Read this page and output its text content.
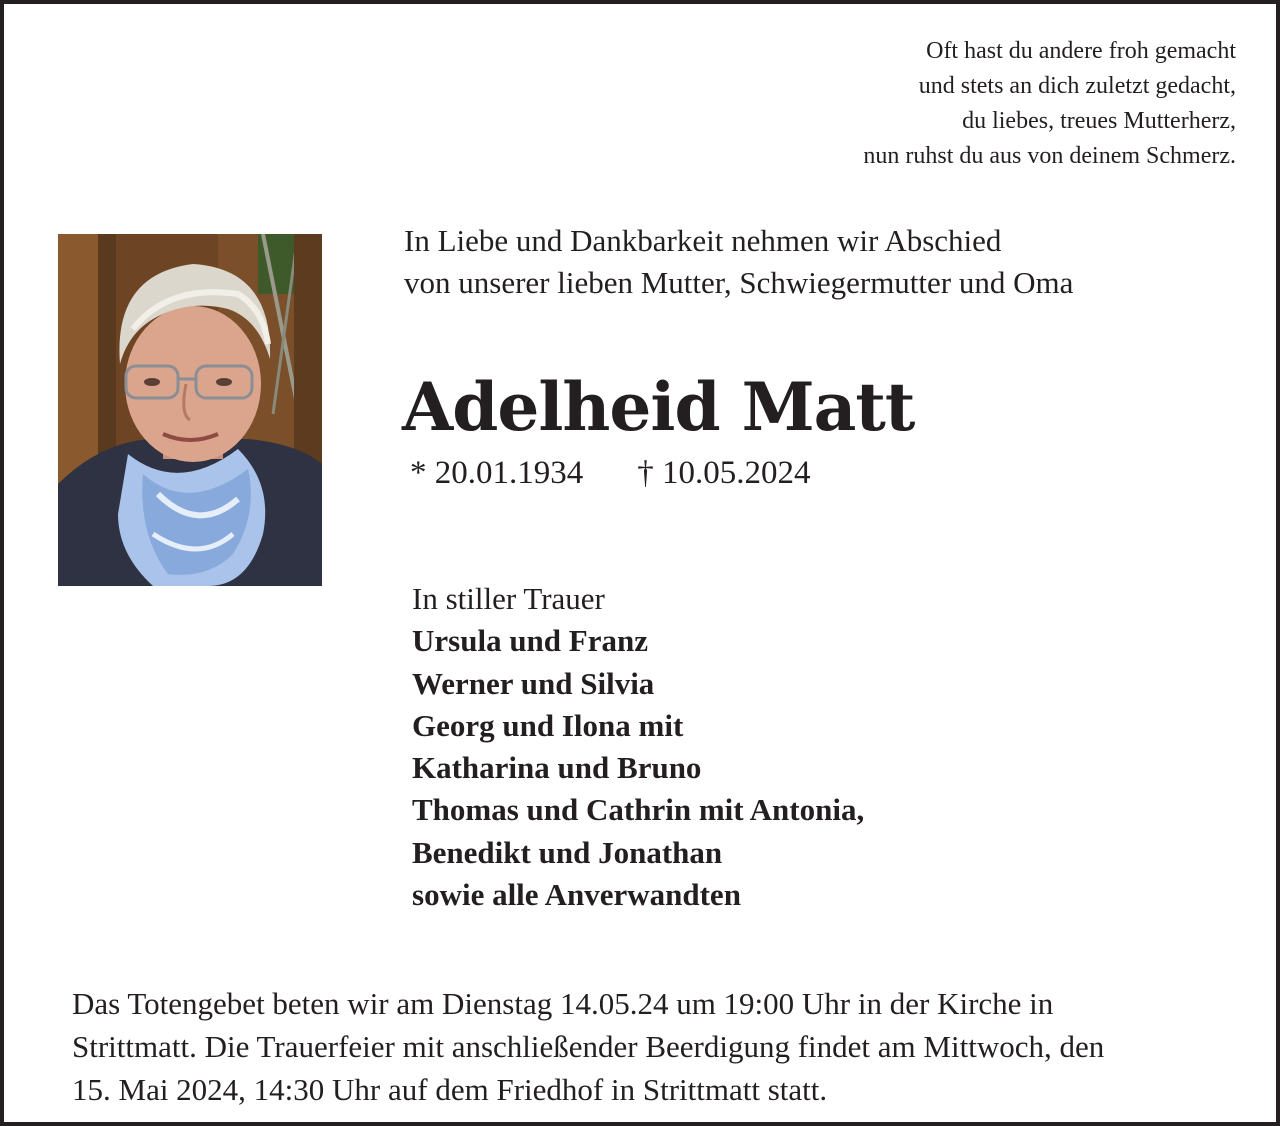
Oft hast du andere froh gemacht
und stets an dich zuletzt gedacht,
du liebes, treues Mutterherz,
nun ruhst du aus von deinem Schmerz.
In Liebe und Dankbarkeit nehmen wir Abschied
von unserer lieben Mutter, Schwiegermutter und Oma
Adelheid Matt
* 20.01.1934 † 10.05.2024
In stiller Trauer
Ursula und Franz
Werner und Silvia
Georg und Ilona mit
Katharina und Bruno
Thomas und Cathrin mit Antonia,
Benedikt und Jonathan
sowie alle Anverwandten
Das Totengebet beten wir am Dienstag 14.05.24 um 19:00 Uhr in der Kirche in
Strittmatt. Die Trauerfeier mit anschließender Beerdigung findet am Mittwoch, den
15. Mai 2024, 14:30 Uhr auf dem Friedhof in Strittmatt statt.
